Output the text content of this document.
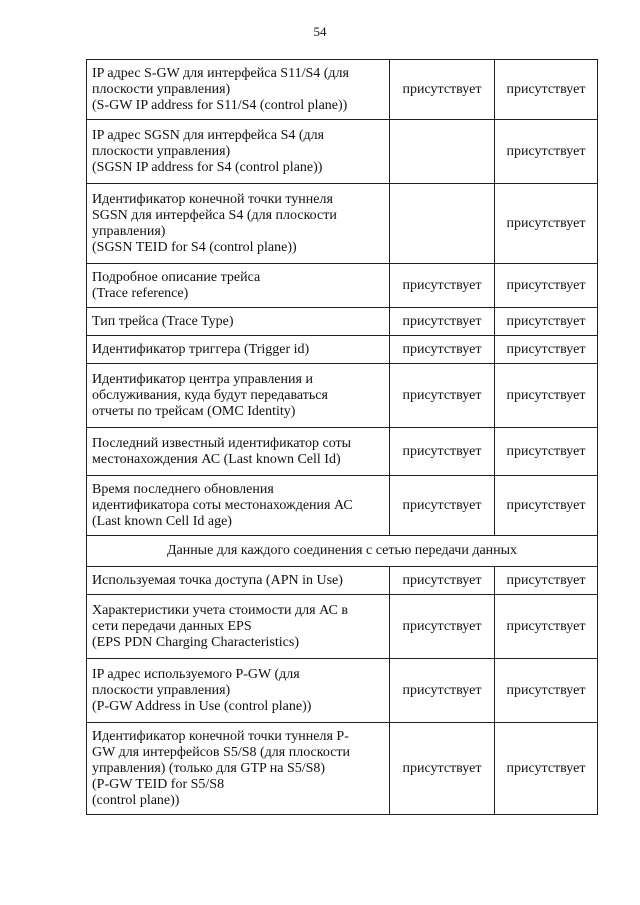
54
IP адрес S-GW для интерфейса S11/S4 (для
плоскости управления)
(S-GW IP address for S11/S4 (control plane))	присутствует	присутствует

IP адрес SGSN для интерфейса S4 (для
плоскости управления)
(SGSN IP address for S4 (control plane))		присутствует

Идентификатор конечной точки туннеля
SGSN для интерфейса S4 (для плоскости
управления)
(SGSN TEID for S4 (control plane))		присутствует

Подробное описание трейса
(Trace reference)	присутствует	присутствует

Тип трейса (Trace Type)	присутствует	присутствует

Идентификатор триггера (Trigger id)	присутствует	присутствует

Идентификатор центра управления и
обслуживания, куда будут передаваться
отчеты по трейсам (OMC Identity)	присутствует	присутствует

Последний известный идентификатор соты
местонахождения АС (Last known Cell Id)	присутствует	присутствует

Время последнего обновления
идентификатора соты местонахождения АС
(Last known Cell Id age)	присутствует	присутствует
Данные для каждого соединения с сетью передачи данных		

Используемая точка доступа (APN in Use)	присутствует	присутствует

Характеристики учета стоимости для АС в
сети передачи данных EPS
(EPS PDN Charging Characteristics)	присутствует	присутствует

IP адрес используемого P-GW (для
плоскости управления)
(P-GW Address in Use (control plane))	присутствует	присутствует

Идентификатор конечной точки туннеля P-
GW для интерфейсов S5/S8 (для плоскости
управления) (только для GTP на S5/S8)
(P-GW TEID for S5/S8
(control plane))	присутствует	присутствует
